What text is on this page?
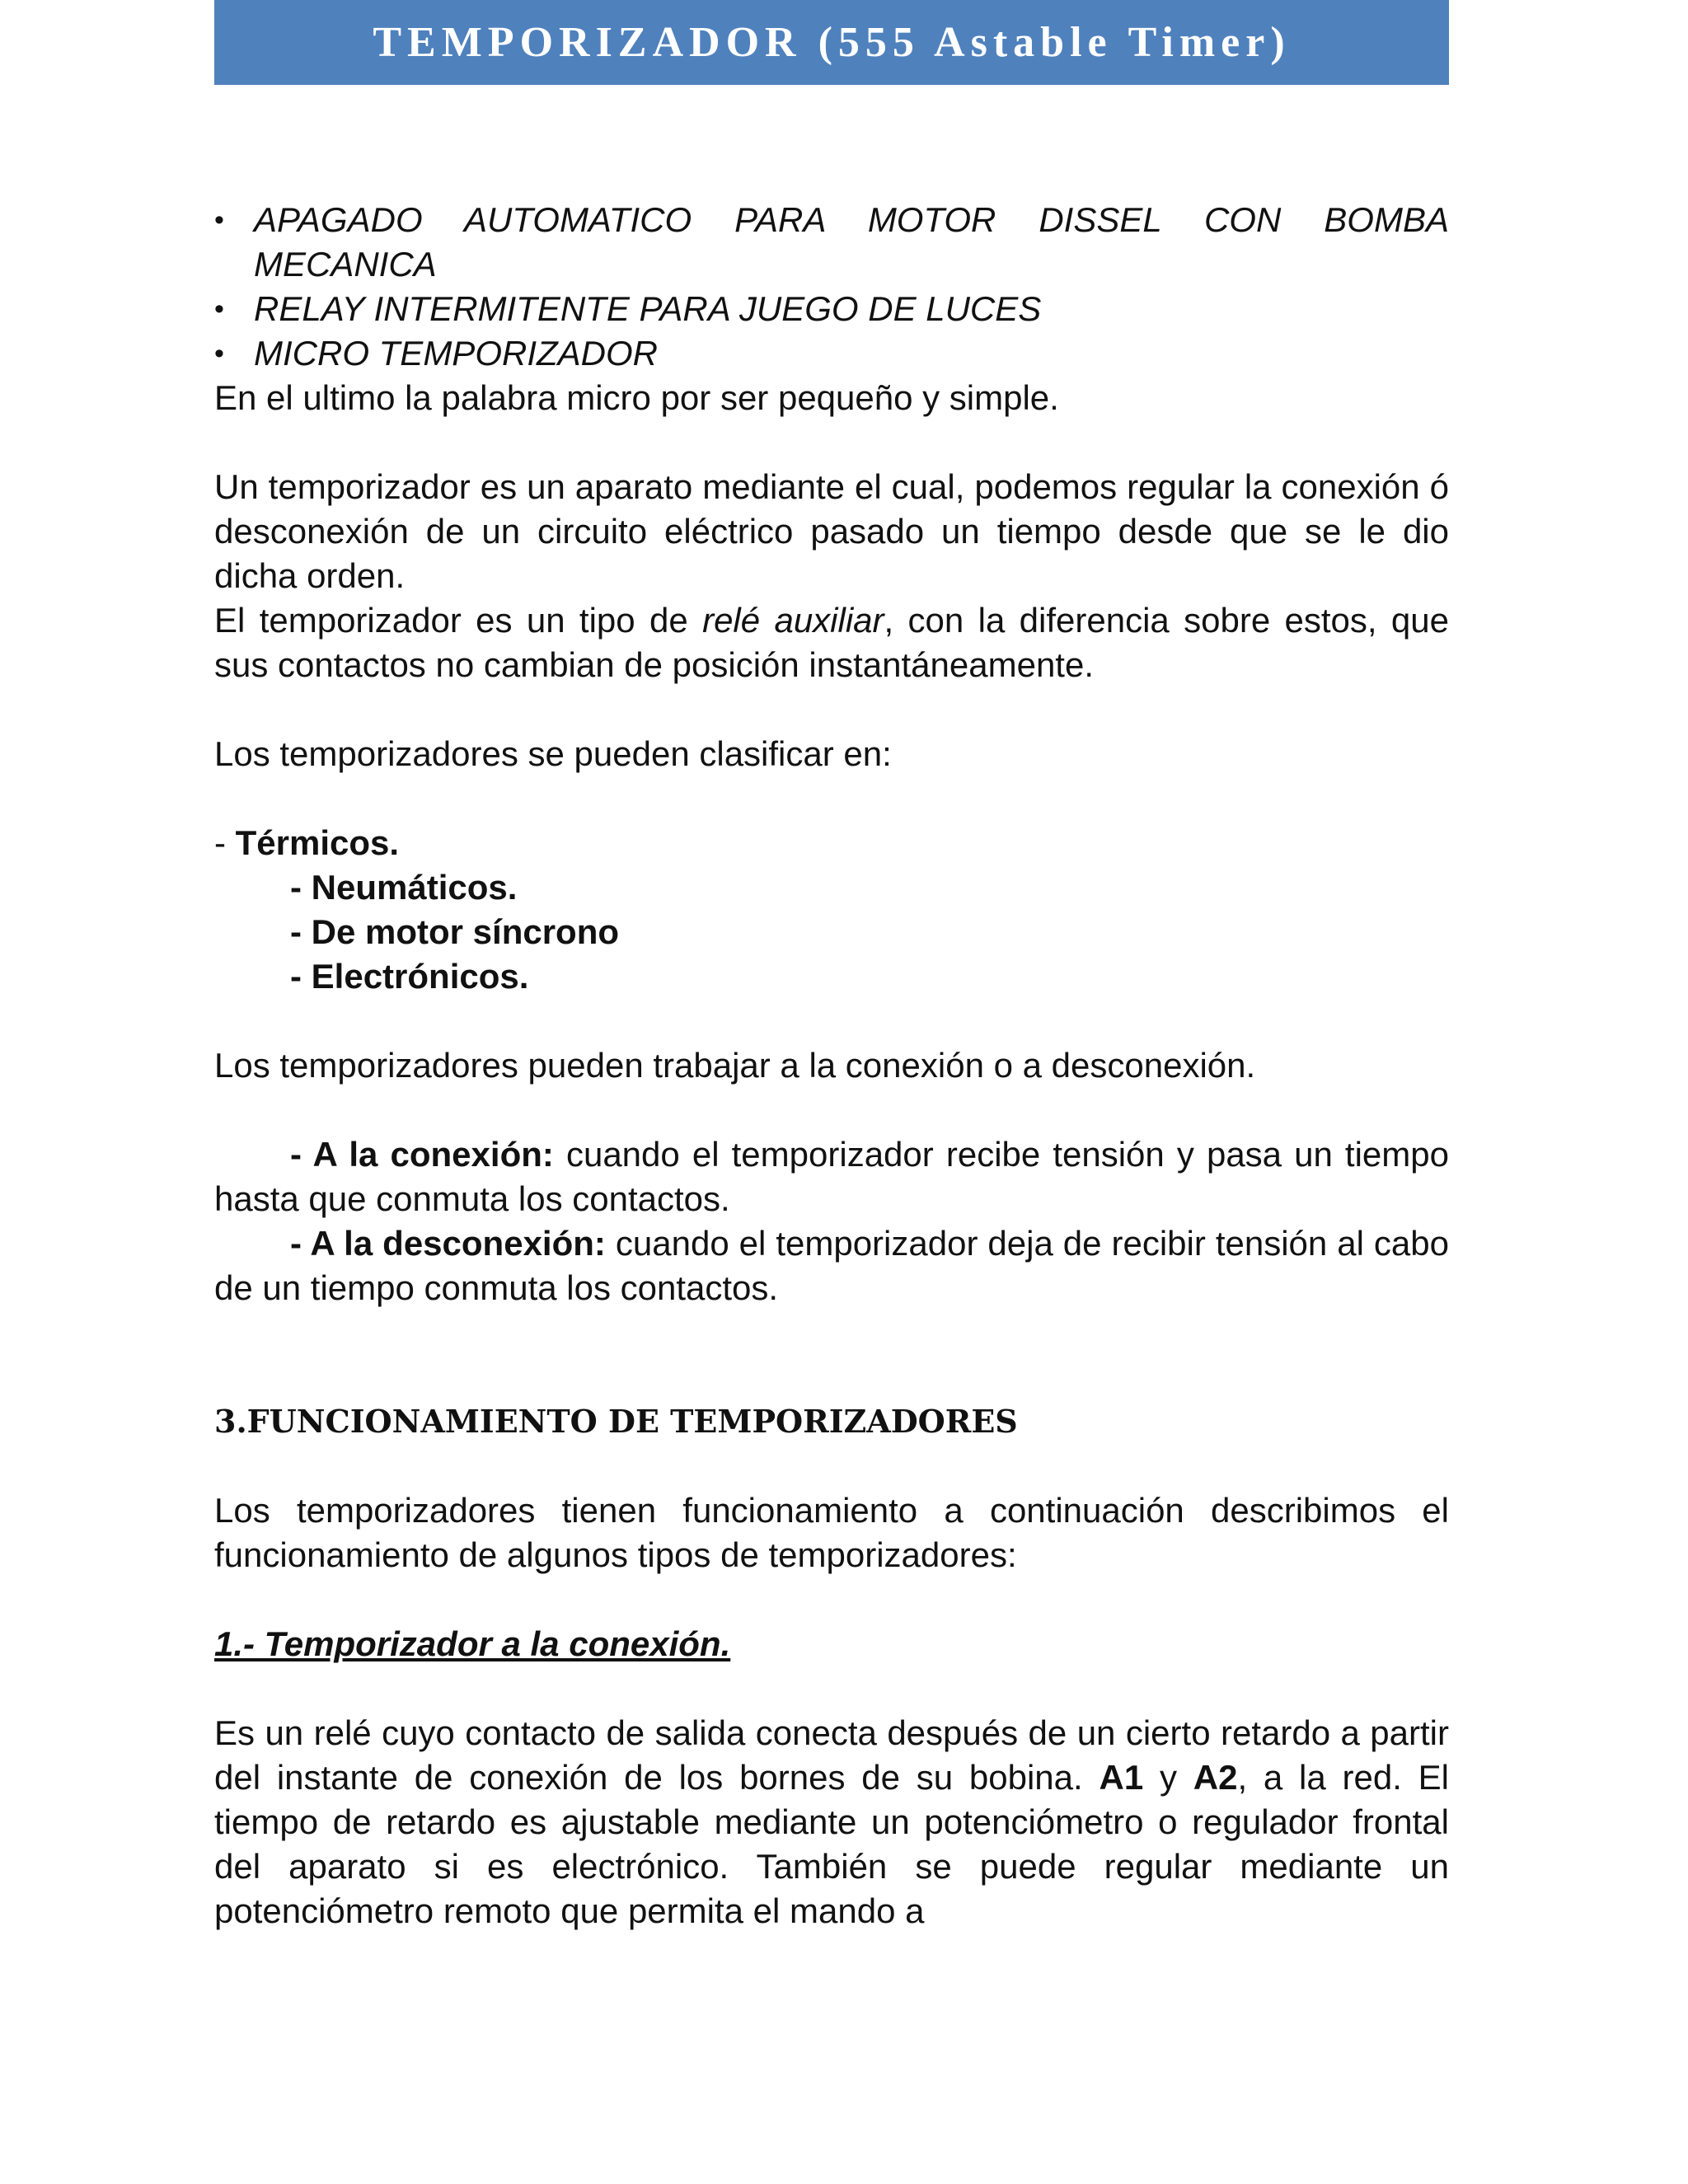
TEMPORIZADOR (555 Astable Timer)
• APAGADO AUTOMATICO PARA MOTOR DISSEL CON BOMBA
MECANICA
• RELAY INTERMITENTE PARA JUEGO DE LUCES
• MICRO TEMPORIZADOR

En el ultimo la palabra micro por ser pequeño y simple.

Un temporizador es un aparato mediante el cual, podemos regular la conexión ó desconexión de un circuito eléctrico pasado un tiempo desde que se le dio dicha orden.

El temporizador es un tipo de relé auxiliar, con la diferencia sobre estos, que sus contactos no cambian de posición instantáneamente.

Los temporizadores se pueden clasificar en:

- Térmicos.

- Neumáticos.

- De motor síncrono

- Electrónicos.

Los temporizadores pueden trabajar a la conexión o a desconexión.

- A la conexión: cuando el temporizador recibe tensión y pasa un tiempo hasta que conmuta los contactos.

- A la desconexión: cuando el temporizador deja de recibir tensión al cabo de un tiempo conmuta los contactos.

3.FUNCIONAMIENTO DE TEMPORIZADORES

Los temporizadores tienen funcionamiento a continuación describimos el funcionamiento de algunos tipos de temporizadores:

1.- Temporizador a la conexión.

Es un relé cuyo contacto de salida conecta después de un cierto retardo a partir del instante de conexión de los bornes de su bobina. A1 y A2, a la red. El tiempo de retardo es ajustable mediante un potenciómetro o regulador frontal del aparato si es electrónico. También se puede regular mediante un potenciómetro remoto que permita el mando a
